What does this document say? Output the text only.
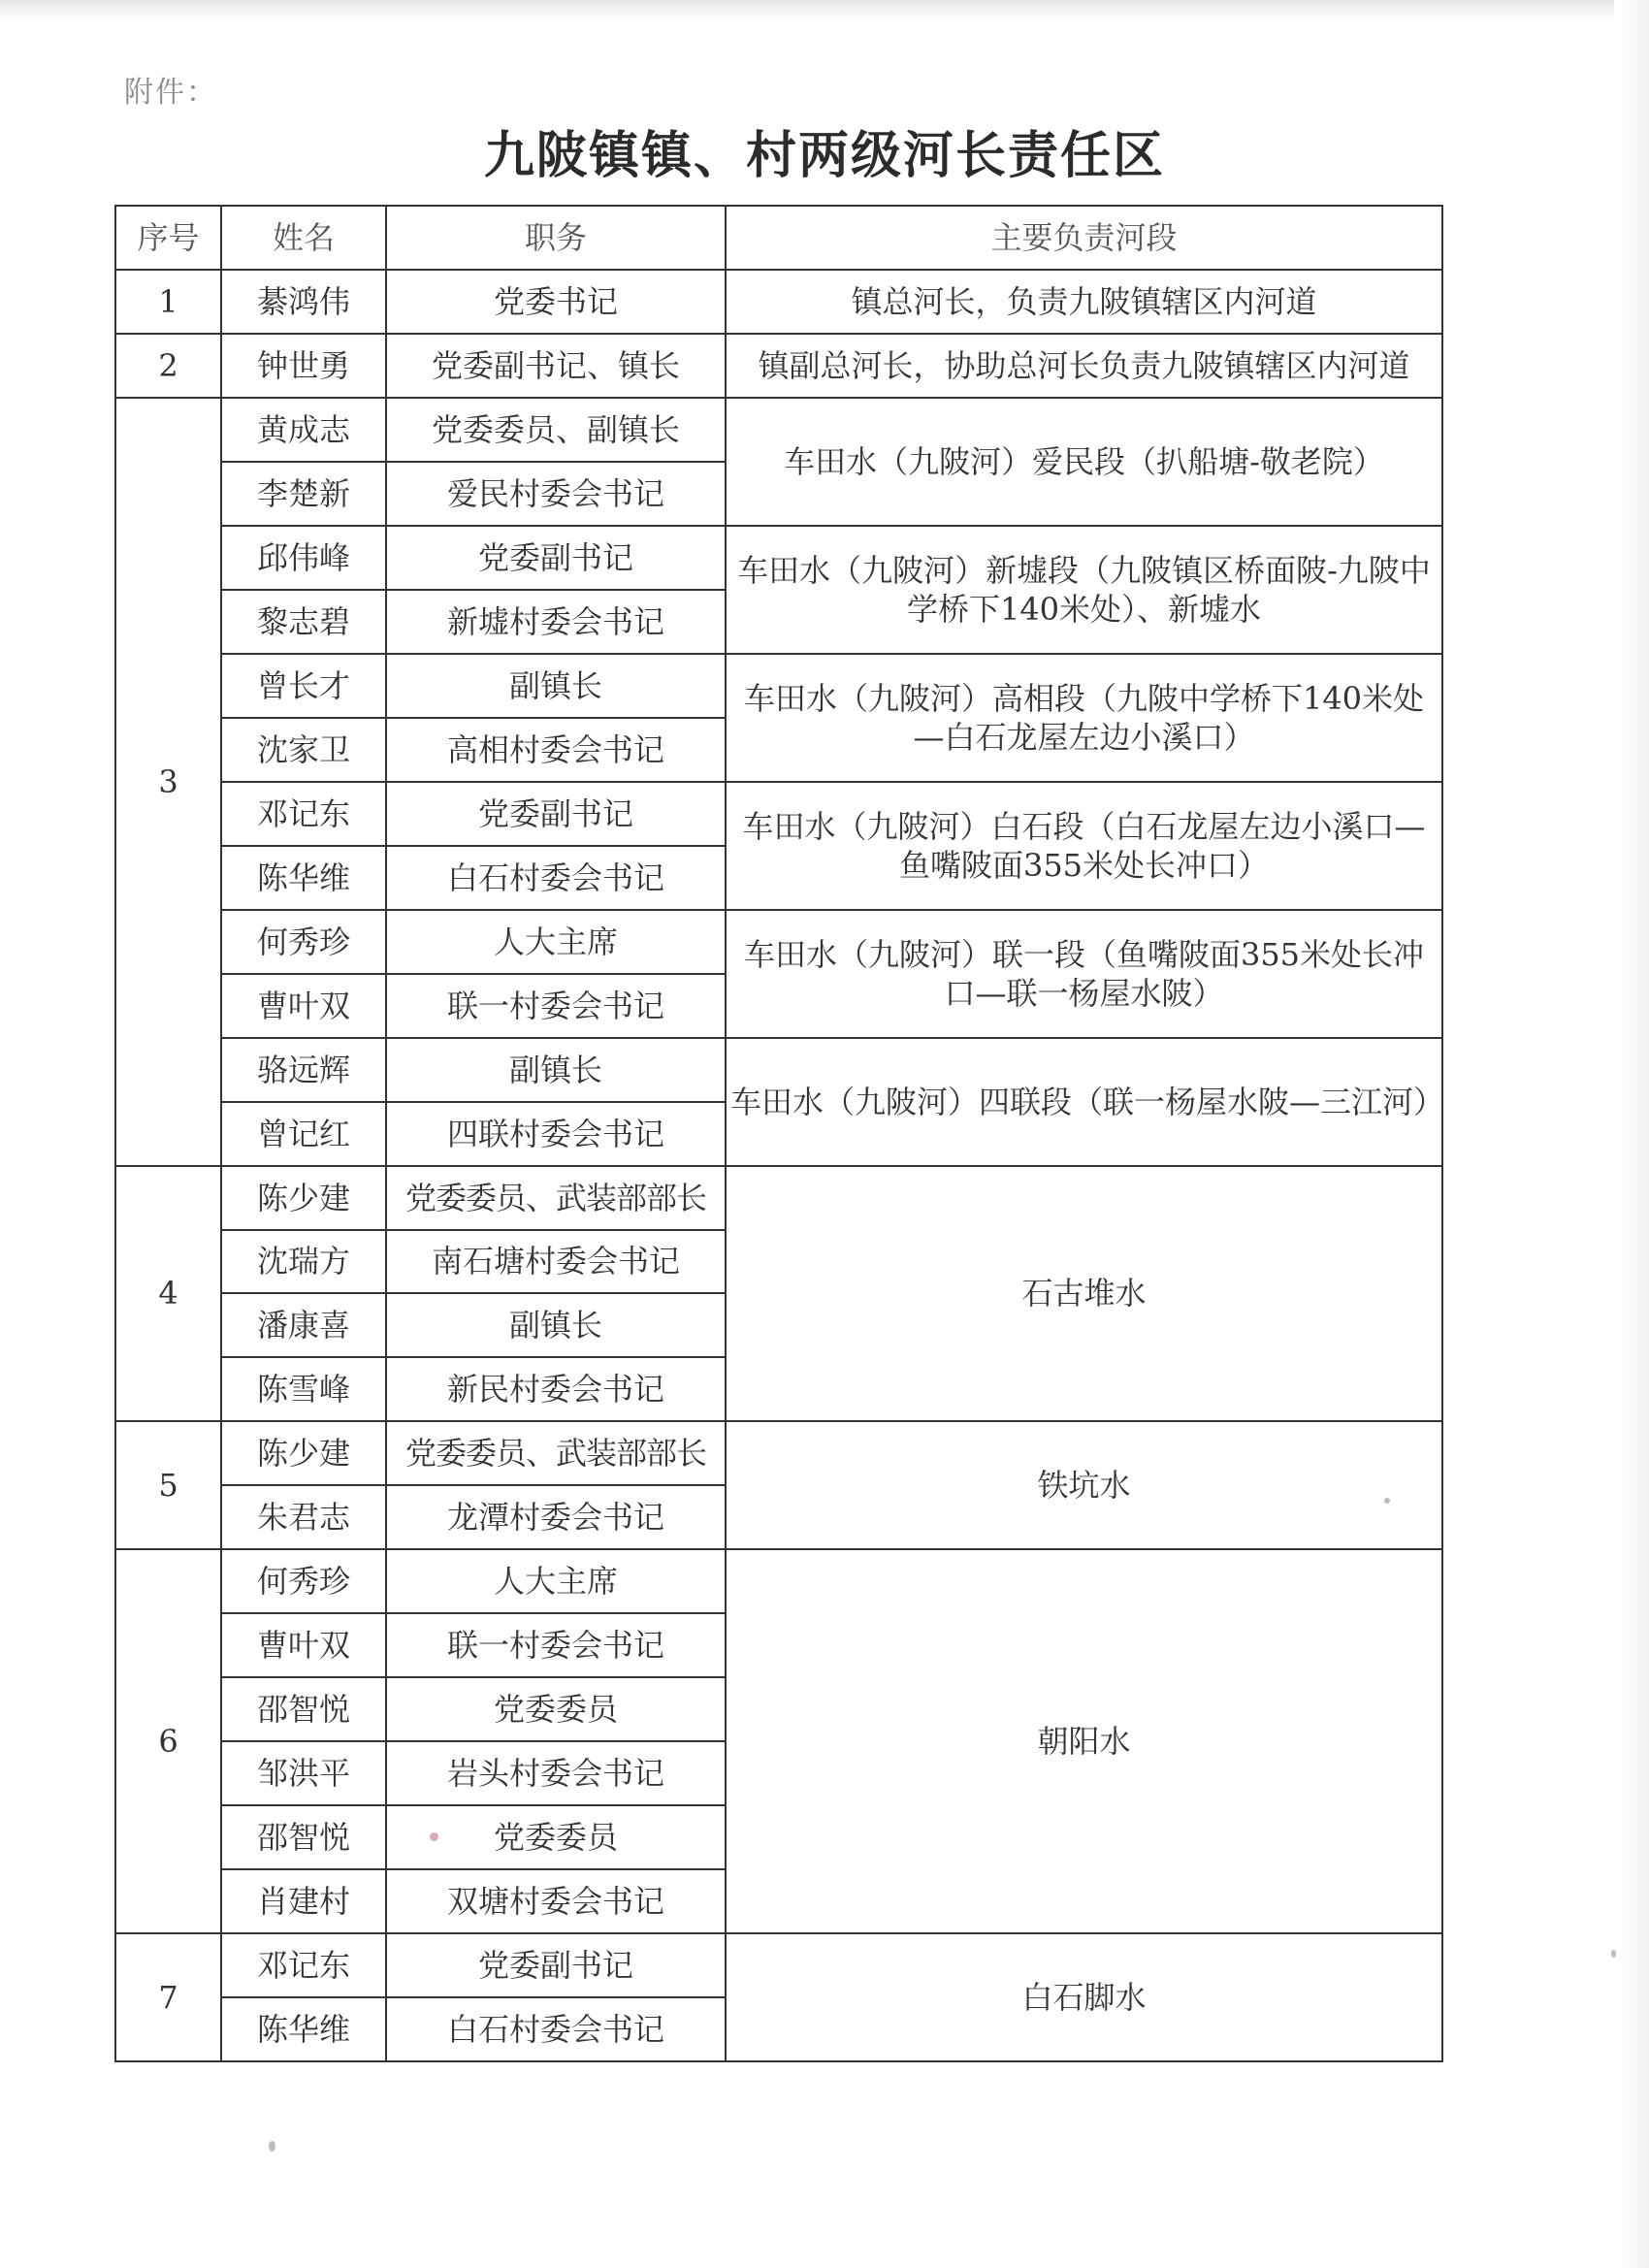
附件：
九陂镇镇、村两级河长责任区
序号	姓名	职务	主要负责河段
1	綦鸿伟	党委书记	镇总河长，负责九陂镇辖区内河道
2	钟世勇	党委副书记、镇长	镇副总河长，协助总河长负责九陂镇辖区内河道
3	黄成志	党委委员、副镇长	车田水（九陂河）爱民段（扒船塘-敬老院）
	李楚新	爱民村委会书记	
	邱伟峰	党委副书记	车田水（九陂河）新墟段（九陂镇区桥面陂-九陂中学桥下140米处）、新墟水
	黎志碧	新墟村委会书记	
	曾长才	副镇长	车田水（九陂河）高相段（九陂中学桥下140米处—白石龙屋左边小溪口）
	沈家卫	高相村委会书记	
	邓记东	党委副书记	车田水（九陂河）白石段（白石龙屋左边小溪口—鱼嘴陂面355米处长冲口）
	陈华维	白石村委会书记	
	何秀珍	人大主席	车田水（九陂河）联一段（鱼嘴陂面355米处长冲口—联一杨屋水陂）
	曹叶双	联一村委会书记	
	骆远辉	副镇长	车田水（九陂河）四联段（联一杨屋水陂—三江河）
	曾记红	四联村委会书记	
4	陈少建	党委委员、武装部部长	石古堆水
	沈瑞方	南石塘村委会书记	
	潘康喜	副镇长	
	陈雪峰	新民村委会书记	
5	陈少建	党委委员、武装部部长	铁坑水
	朱君志	龙潭村委会书记	
6	何秀珍	人大主席	朝阳水
	曹叶双	联一村委会书记	
	邵智悦	党委委员	
	邹洪平	岩头村委会书记	
	邵智悦	党委委员	
	肖建村	双塘村委会书记	
7	邓记东	党委副书记	白石脚水
	陈华维	白石村委会书记	
